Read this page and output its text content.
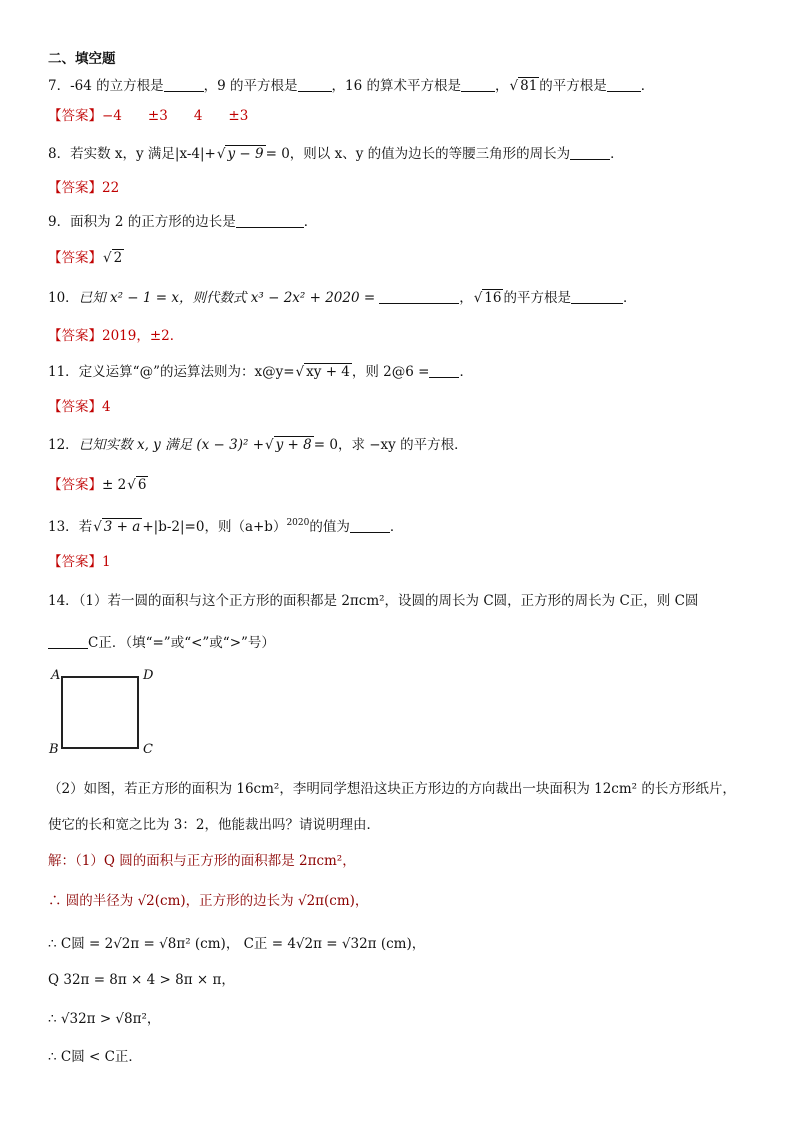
二、填空题
7．-64 的立方根是	，9 的平方根是	，16 的算术平方根是	，√ 81 的平方根是	．
【答案】−4 ±3 4 ±3
8．若实数 x，y 满足|x-4|+√ y − 9 = 0，则以 x、y 的值为边长的等腰三角形的周长为	．
【答案】22
9．面积为 2 的正方形的边长是	．
【答案】√ 2
10．已知 x² − 1 = x，则代数式 x³ − 2x² + 2020 =	，√ 16 的平方根是	．
【答案】2019，±2．
11．定义运算“@”的运算法则为：x@y=√ xy + 4 ，则 2@6 = ．
【答案】4
12．已知实数 x, y 满足 (x − 3)² +√ y + 8 = 0，求 −xy 的平方根．
【答案】± 2√ 6
13．若√ 3 + a +|b-2|=0，则$(a+b)^{2020}$的值为	．
【答案】1
14．（1）若一圆的面积与这个正方形的面积都是 2πcm²，设圆的周长为 C圆，正方形的周长为 C正，则 C圆
C正．（填“=”或“<”或“>”号）
A	D
B	C
（2）如图，若正方形的面积为 16cm²，李明同学想沿这块正方形边的方向裁出一块面积为 12cm² 的长方形纸片，
使它的长和宽之比为 3：2，他能裁出吗？请说明理由．
解：（1）Q 圆的面积与正方形的面积都是 2πcm²，
∴ 圆的半径为 √2(cm)，正方形的边长为 √2π(cm)，
∴ C圆 = 2√2π = √8π² (cm)， C正 = 4√2π = √32π (cm)，
Q 32π = 8π × 4 > 8π × π，
∴ √32π > √8π²，
∴ C圆 < C正．
